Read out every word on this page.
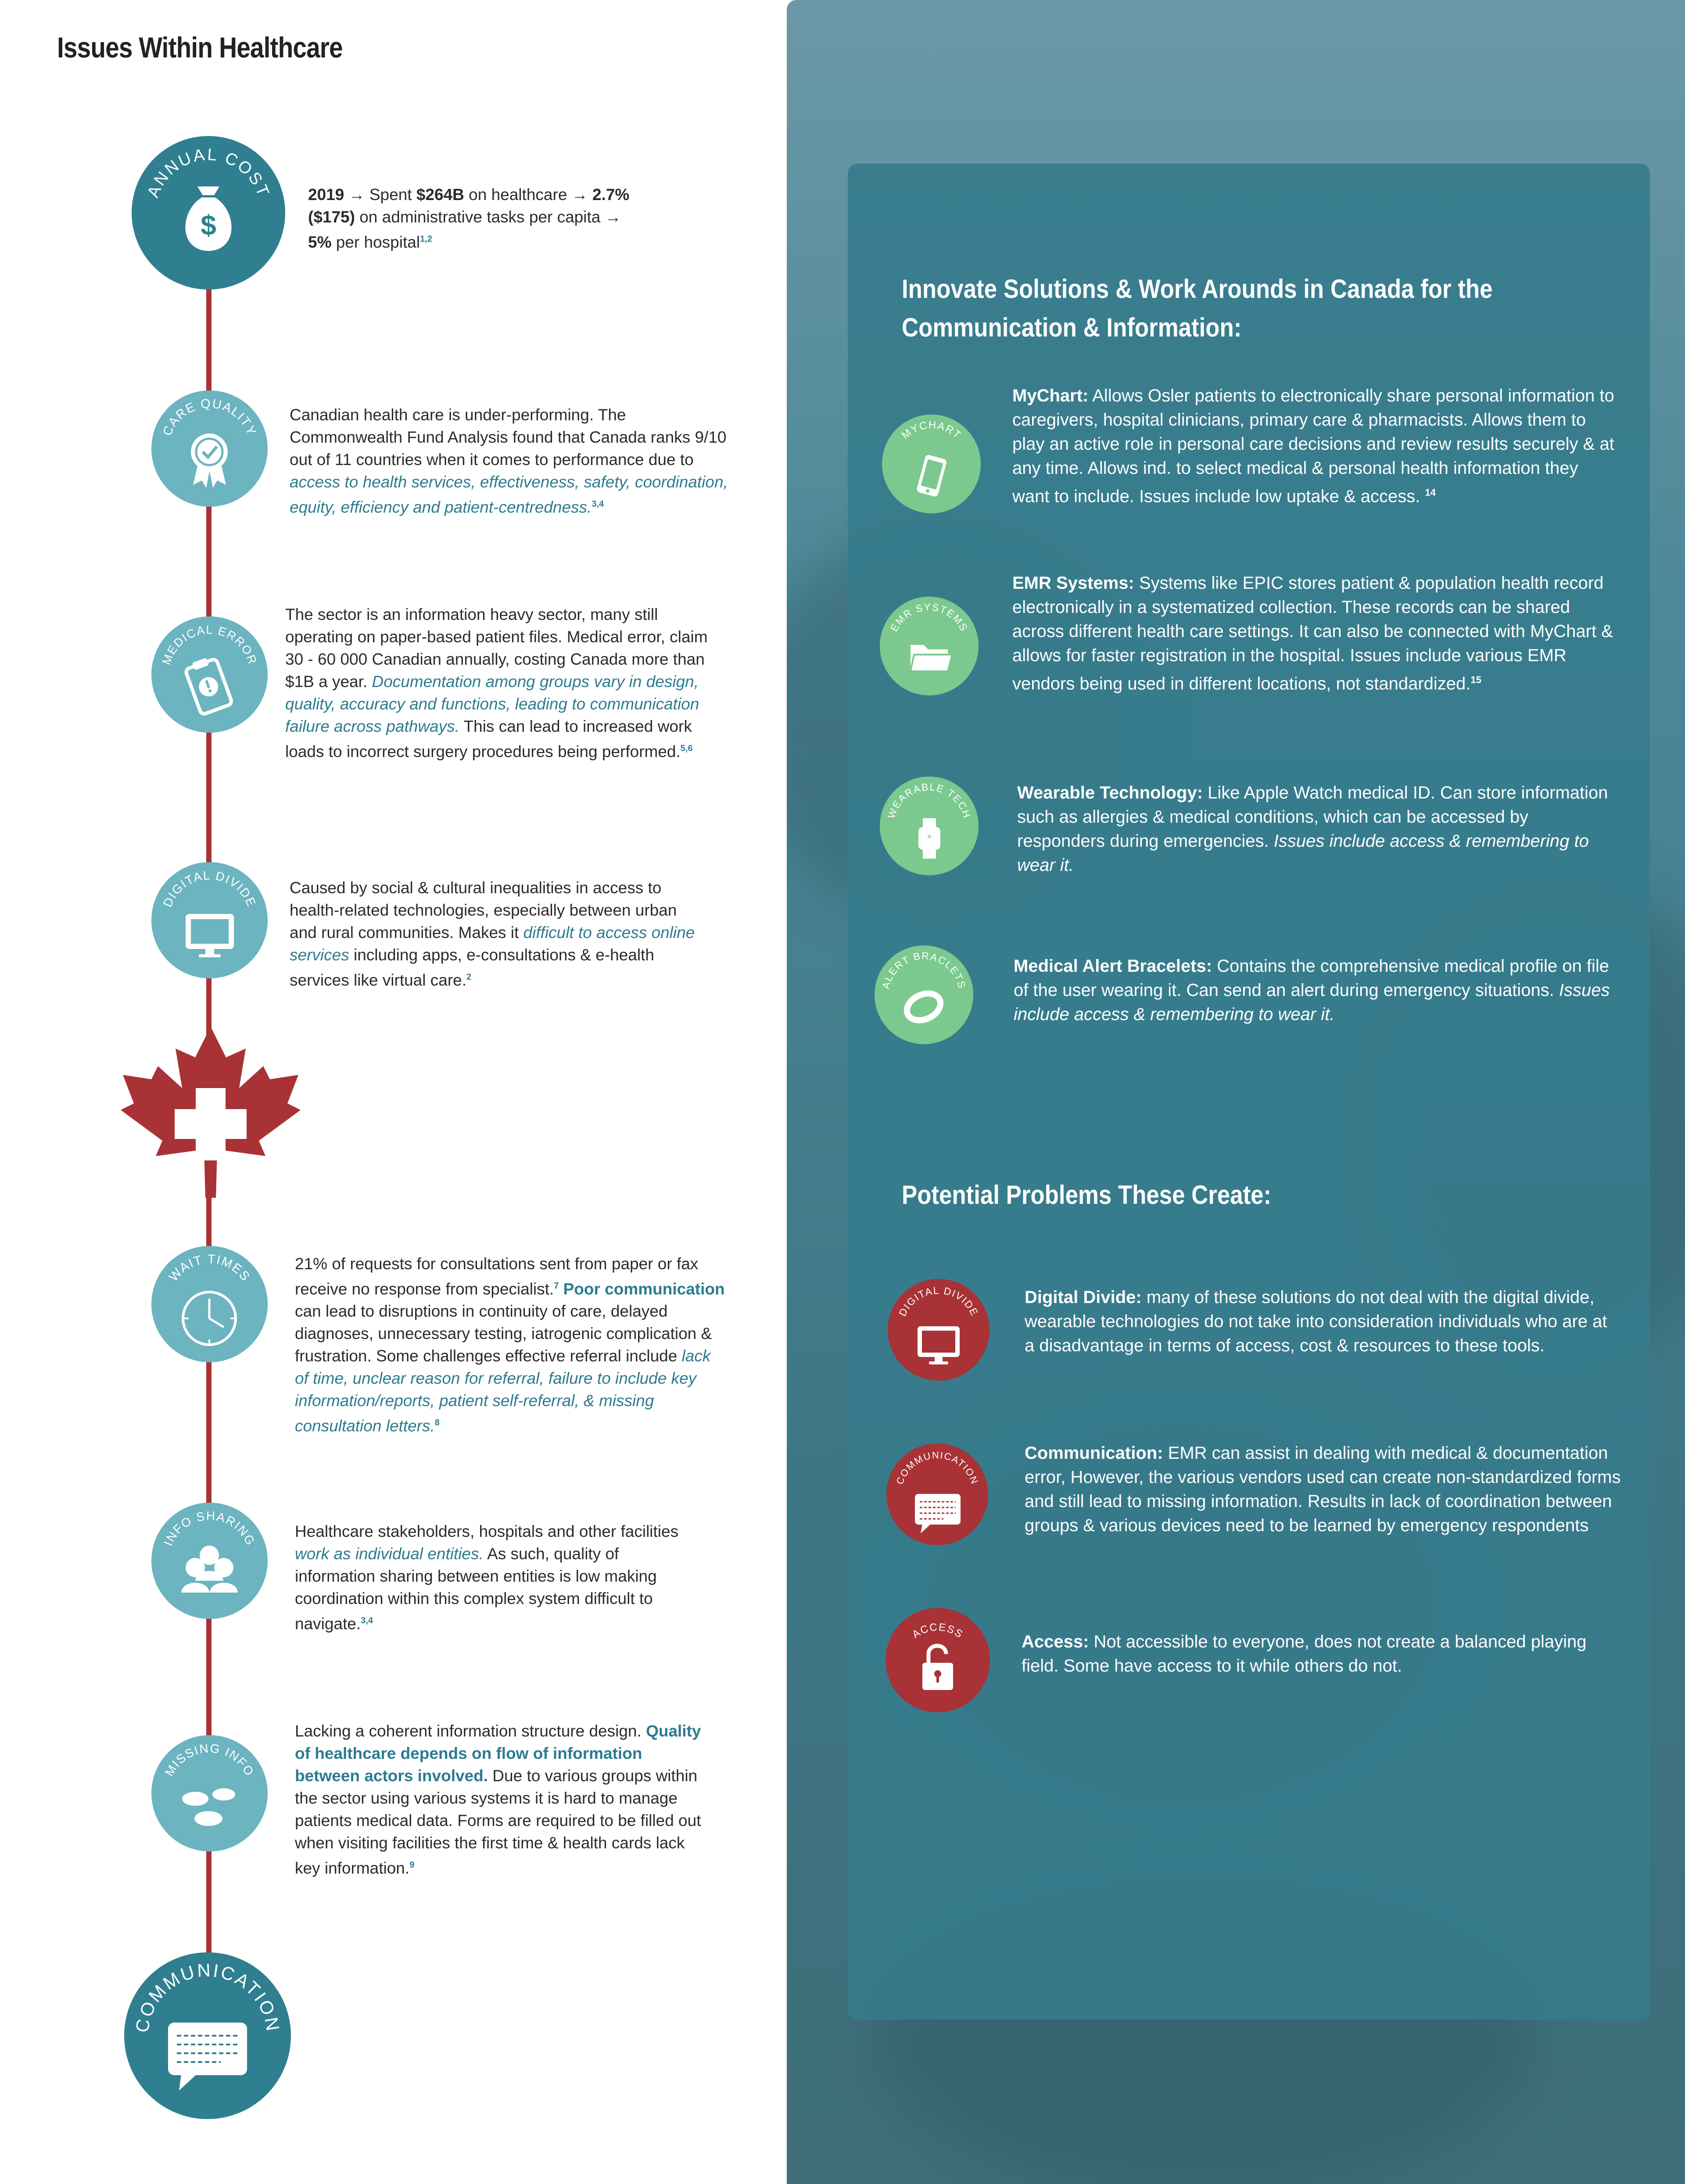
Issues Within Healthcare
ANNUAL COST
$
2019 → Spent $264B on healthcare → 2.7% ($175) on administrative tasks per capita → 5% per hospital$^{1,2}$
CARE QUALITY
Canadian health care is under-performing. The Commonwealth Fund Analysis found that Canada ranks 9/10 out of 11 countries when it comes to performance due to access to health services, effectiveness, safety, coordination, equity, efficiency and patient-centredness.$^{3,4}$
MEDICAL ERROR
The sector is an information heavy sector, many still operating on paper-based patient files. Medical error, claim 30 - 60 000 Canadian annually, costing Canada more than $1B a year. Documentation among groups vary in design, quality, accuracy and functions, leading to communication failure across pathways. This can lead to increased work loads to incorrect surgery procedures being performed.$^{5,6}$
DIGITAL DIVIDE
Caused by social & cultural inequalities in access to health-related technologies, especially between urban and rural communities. Makes it difficult to access online services including apps, e-consultations & e-health services like virtual care.$^2$
WAIT TIMES
21% of requests for consultations sent from paper or fax receive no response from specialist.$^7$ Poor communication can lead to disruptions in continuity of care, delayed diagnoses, unnecessary testing, iatrogenic complication & frustration. Some challenges effective referral include lack of time, unclear reason for referral, failure to include key information/reports, patient self-referral, & missing consultation letters.$^8$
INFO SHARING Healthcare stakeholders, hospitals and other facilities work as individual entities. As such, quality of information sharing between entities is low making coordination within this complex system difficult to navigate.$^{3,4}$
MISSING INFO
Lacking a coherent information structure design. Quality of healthcare depends on flow of information between actors involved. Due to various groups within the sector using various systems it is hard to manage patients medical data. Forms are required to be filled out when visiting facilities the first time & health cards lack key information.$^9$
COMMUNICATION
Innovate Solutions & Work Arounds in Canada for the Communication & Information:
MYCHART
MyChart: Allows Osler patients to electronically share personal information to caregivers, hospital clinicians, primary care & pharmacists. Allows them to play an active role in personal care decisions and review results securely & at any time. Allows ind. to select medical & personal health information they want to include. Issues include low uptake & access. $^{14}$
EMR SYSTEMS
EMR Systems: Systems like EPIC stores patient & population health record electronically in a systematized collection. These records can be shared across different health care settings. It can also be connected with MyChart & allows for faster registration in the hospital. Issues include various EMR vendors being used in different locations, not standardized.$^{15}$
WEARABLE TECH
*
Wearable Technology: Like Apple Watch medical ID. Can store information such as allergies & medical conditions, which can be accessed by responders during emergencies. Issues include access & remembering to wear it.
ALERT BRACLETS
Medical Alert Bracelets: Contains the comprehensive medical profile on file of the user wearing it. Can send an alert during emergency situations. Issues include access & remembering to wear it.
Potential Problems These Create:
DIGITAL DIVIDE
Digital Divide: many of these solutions do not deal with the digital divide, wearable technologies do not take into consideration individuals who are at a disadvantage in terms of access, cost & resources to these tools.
COMMUNICATION
Communication: EMR can assist in dealing with medical & documentation error, However, the various vendors used can create non-standardized forms and still lead to missing information. Results in lack of coordination between groups & various devices need to be learned by emergency respondents
ACCESS	Access: Not accessible to everyone, does not create a balanced playing field. Some have access to it while others do not.
